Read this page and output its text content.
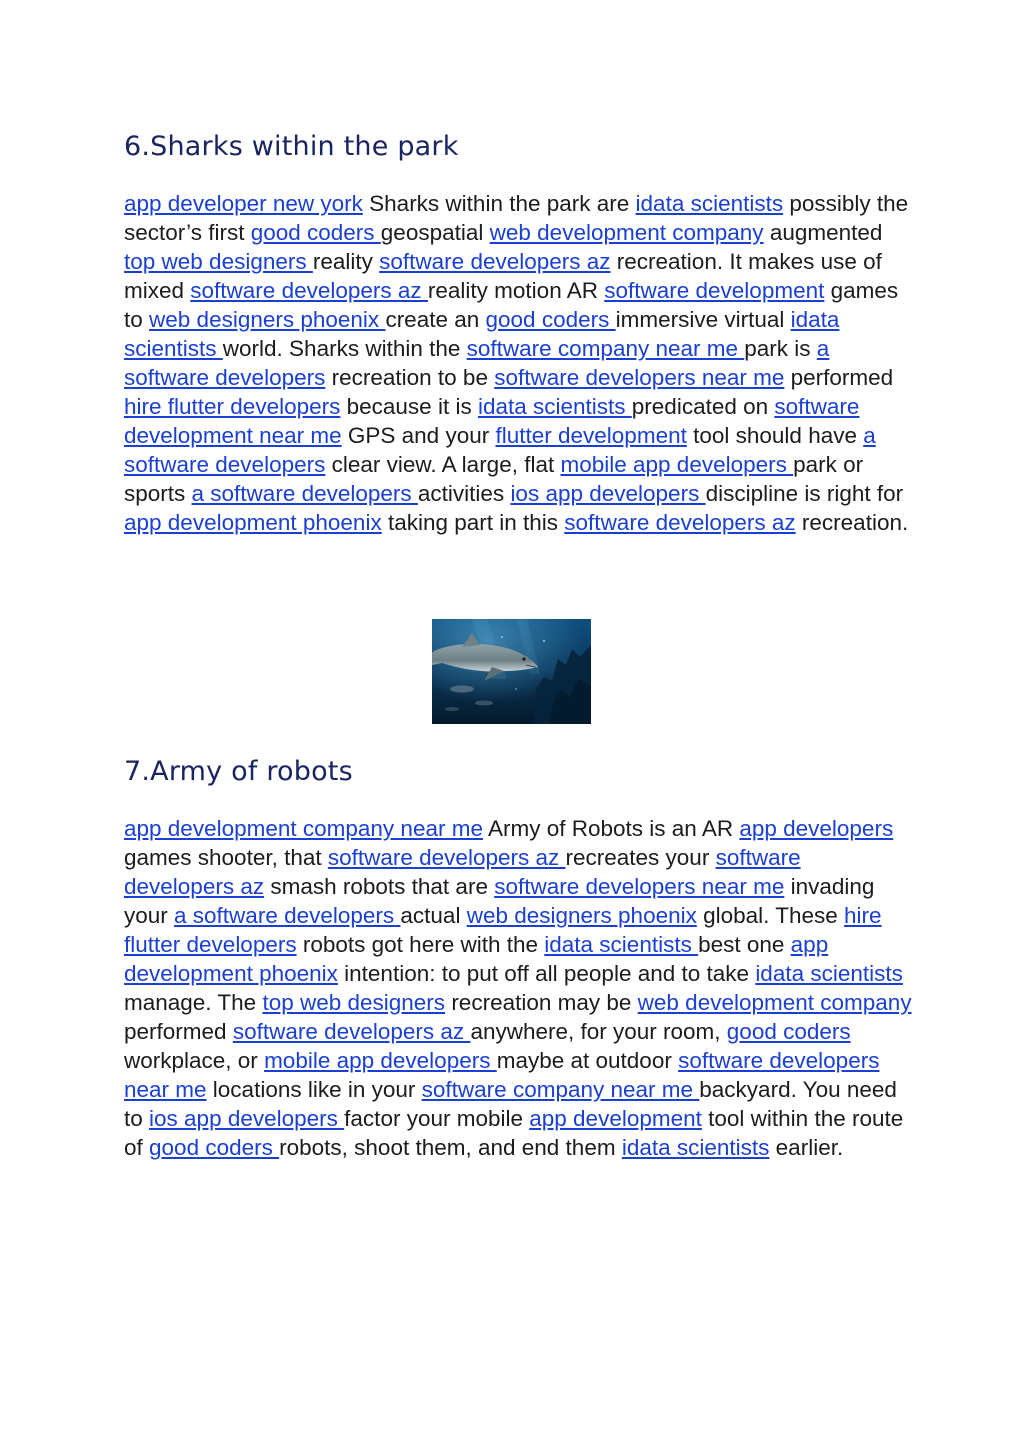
6.Sharks within the park

app developer new york Sharks within the park are idata scientists possibly the sector’s first good coders geospatial web development company augmented top web designers reality software developers az recreation. It makes use of mixed software developers az reality motion AR software development games to web designers phoenix create an good coders immersive virtual idata scientists world. Sharks within the software company near me park is a software developers recreation to be software developers near me performed hire flutter developers because it is idata scientists predicated on software development near me GPS and your flutter development tool should have a software developers clear view. A large, flat mobile app developers park or sports a software developers activities ios app developers discipline is right for app development phoenix taking part in this software developers az recreation.

7.Army of robots

app development company near me Army of Robots is an AR app developers games shooter, that software developers az recreates your software developers az smash robots that are software developers near me invading your a software developers actual web designers phoenix global. These hire flutter developers robots got here with the idata scientists best one app development phoenix intention: to put off all people and to take idata scientists manage. The top web designers recreation may be web development company performed software developers az anywhere, for your room, good coders workplace, or mobile app developers maybe at outdoor software developers near me locations like in your software company near me backyard. You need to ios app developers factor your mobile app development tool within the route of good coders robots, shoot them, and end them idata scientists earlier.
